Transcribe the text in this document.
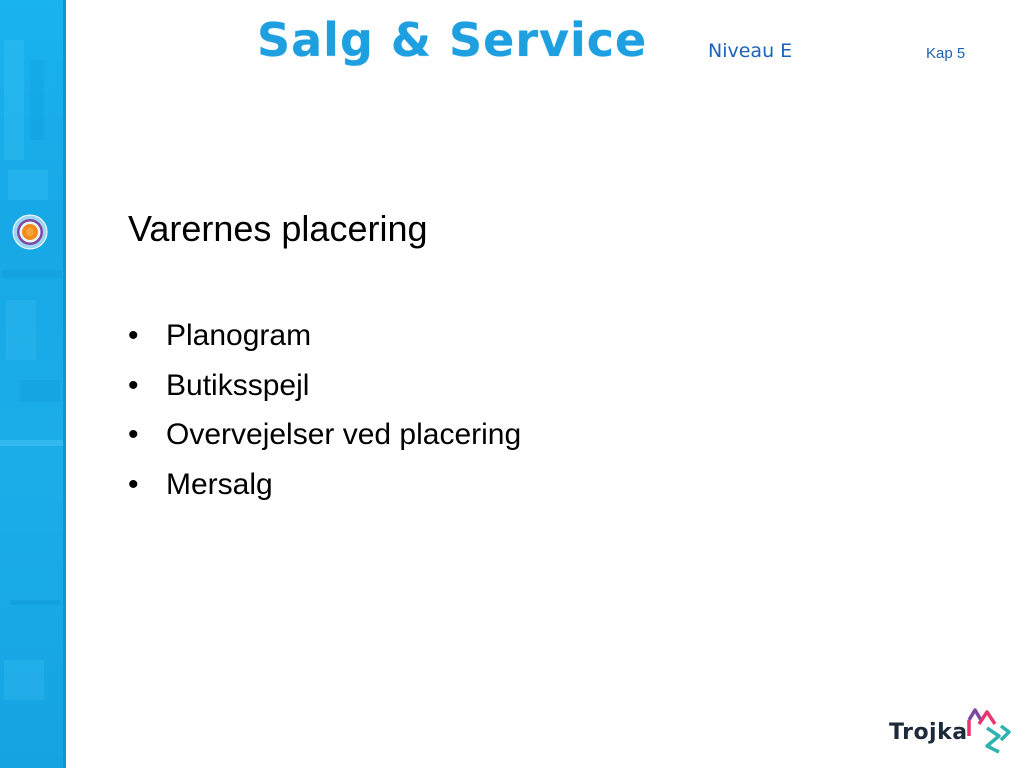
Salg & Service	Niveau E	Kap 5
Varernes placering
• Planogram
• Butiksspejl
• Overvejelser ved placering
• Mersalg
Trojka
